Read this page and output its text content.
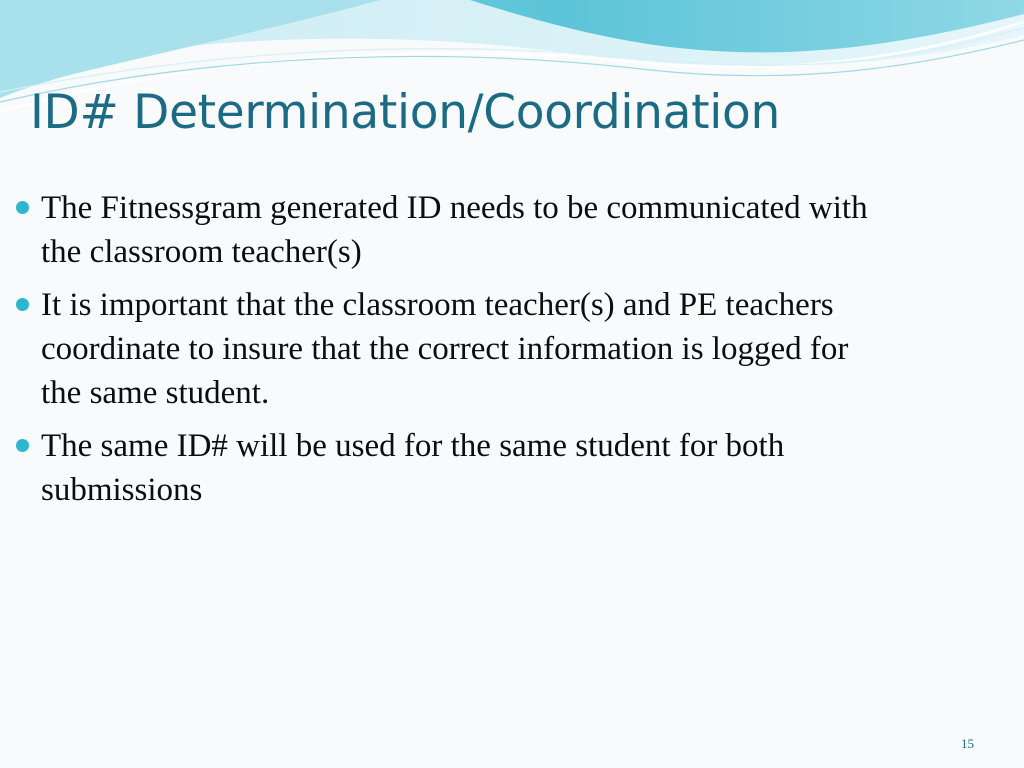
ID# Determination/Coordination
The Fitnessgram generated ID needs to be communicated with the classroom teacher(s)
It is important that the classroom teacher(s) and PE teachers coordinate to insure that the correct information is logged for the same student.
The same ID# will be used for the same student for both submissions
15
